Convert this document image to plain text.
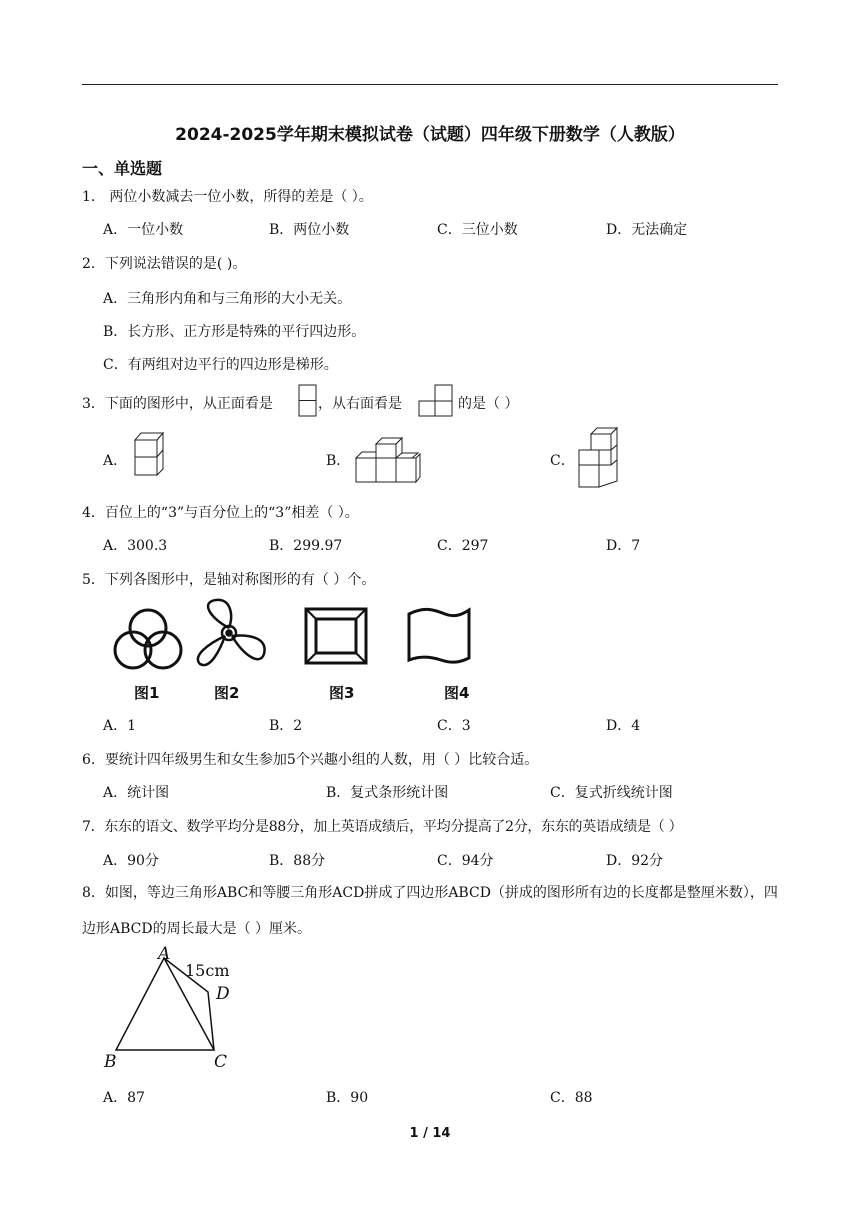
2024-2025学年期末模拟试卷（试题）四年级下册数学（人教版）
一、单选题
1． 两位小数减去一位小数，所得的差是（ ）。
A．一位小数	B．两位小数	C．三位小数	D．无法确定
2．下列说法错误的是( )。
A．三角形内角和与三角形的大小无关。
B．长方形、正方形是特殊的平行四边形。
C．有两组对边平行的四边形是梯形。
3．下面的图形中，从正面看是	，从右面看是	的是（ ）
A．	B．	C．
4．百位上的“3”与百分位上的“3”相差（ ）。
A．300.3	B．299.97	C．297	D．7
5．下列各图形中，是轴对称图形的有（ ）个。
图1	图2	图3	图4
A．1	B．2	C．3	D．4
6．要统计四年级男生和女生参加5个兴趣小组的人数，用（ ）比较合适。
A．统计图	B．复式条形统计图	C．复式折线统计图
7．东东的语文、数学平均分是88分，加上英语成绩后，平均分提高了2分，东东的英语成绩是（ ）
A．90分	B．88分	C．94分	D．92分
8．如图，等边三角形ABC和等腰三角形ACD拼成了四边形ABCD（拼成的图形所有边的长度都是整厘米数），四边形ABCD的周长最大是（ ）厘米。
A
15cm
D
B	C
A．87	B．90	C．88
1 / 14
